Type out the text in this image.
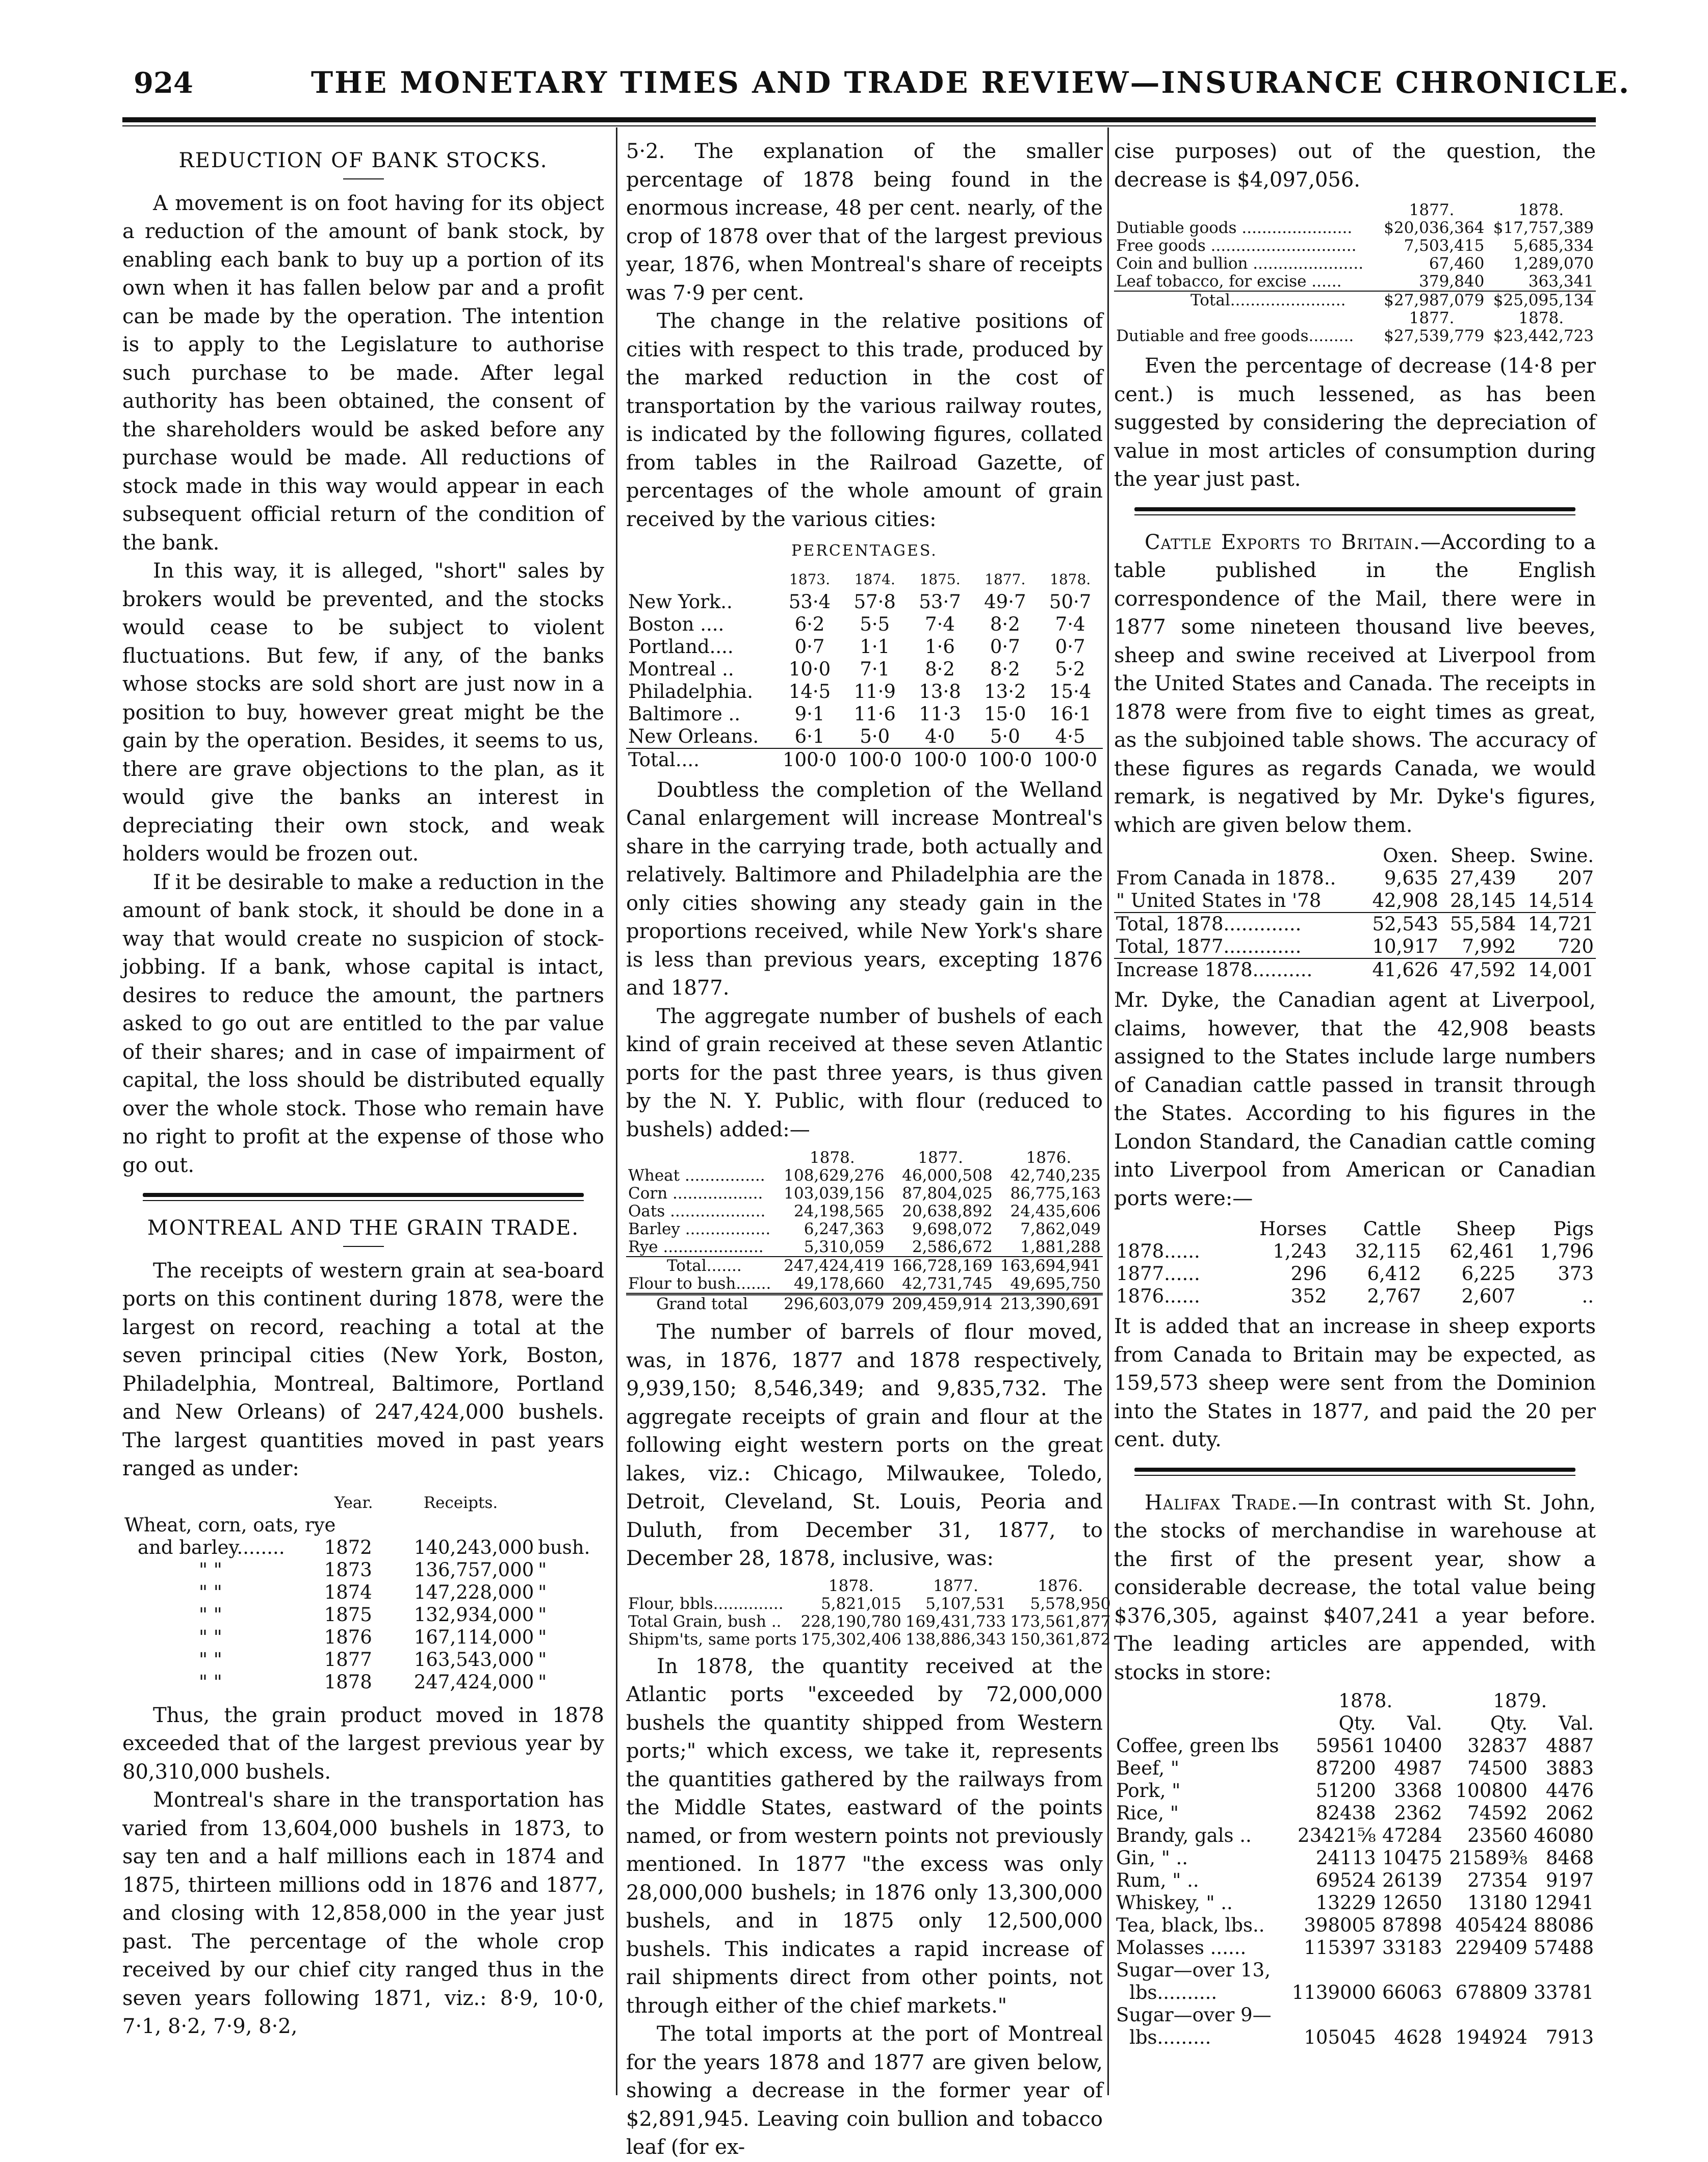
924	THE MONETARY TIMES AND TRADE REVIEW—INSURANCE CHRONICLE.
REDUCTION OF BANK STOCKS.

A movement is on foot having for its object a reduction of the amount of bank stock, by enabling each bank to buy up a portion of its own when it has fallen below par and a profit can be made by the operation. The intention is to apply to the Legislature to authorise such purchase to be made. After legal authority has been obtained, the consent of the shareholders would be asked before any purchase would be made. All reductions of stock made in this way would appear in each subsequent official return of the condition of the bank.

In this way, it is alleged, "short" sales by brokers would be prevented, and the stocks would cease to be subject to violent fluctuations. But few, if any, of the banks whose stocks are sold short are just now in a position to buy, however great might be the gain by the operation. Besides, it seems to us, there are grave objections to the plan, as it would give the banks an interest in depreciating their own stock, and weak holders would be frozen out.

If it be desirable to make a reduction in the amount of bank stock, it should be done in a way that would create no suspicion of stock-jobbing. If a bank, whose capital is intact, desires to reduce the amount, the partners asked to go out are entitled to the par value of their shares; and in case of impairment of capital, the loss should be distributed equally over the whole stock. Those who remain have no right to profit at the expense of those who go out.

MONTREAL AND THE GRAIN TRADE.

The receipts of western grain at sea-board ports on this continent during 1878, were the largest on record, reaching a total at the seven principal cities (New York, Boston, Philadelphia, Montreal, Baltimore, Portland and New Orleans) of 247,424,000 bushels. The largest quantities moved in past years ranged as under:

	Year.	Receipts.	
Wheat, corn, oats, rye			
and barley........	1872	140,243,000	bush.
" "	1873	136,757,000	"
" "	1874	147,228,000	"
" "	1875	132,934,000	"
" "	1876	167,114,000	"
" "	1877	163,543,000	"
" "	1878	247,424,000	"

Thus, the grain product moved in 1878 exceeded that of the largest previous year by 80,310,000 bushels.

Montreal's share in the transportation has varied from 13,604,000 bushels in 1873, to say ten and a half millions each in 1874 and 1875, thirteen millions odd in 1876 and 1877, and closing with 12,858,000 in the year just past. The percentage of the whole crop received by our chief city ranged thus in the seven years following 1871, viz.: 8·9, 10·0, 7·1, 8·2, 7·9, 8·2,

5·2. The explanation of the smaller percentage of 1878 being found in the enormous increase, 48 per cent. nearly, of the crop of 1878 over that of the largest previous year, 1876, when Montreal's share of receipts was 7·9 per cent.

The change in the relative positions of cities with respect to this trade, produced by the marked reduction in the cost of transportation by the various railway routes, is indicated by the following figures, collated from tables in the Railroad Gazette, of percentages of the whole amount of grain received by the various cities:

PERCENTAGES.
	1873.	1874.	1875.	1877.	1878.
New York..	53·4	57·8	53·7	49·7	50·7
Boston ....	6·2	5·5	7·4	8·2	7·4
Portland....	0·7	1·1	1·6	0·7	0·7
Montreal ..	10·0	7·1	8·2	8·2	5·2
Philadelphia.	14·5	11·9	13·8	13·2	15·4
Baltimore ..	9·1	11·6	11·3	15·0	16·1
New Orleans.	6·1	5·0	4·0	5·0	4·5
Total....	100·0	100·0	100·0	100·0	100·0

Doubtless the completion of the Welland Canal enlargement will increase Montreal's share in the carrying trade, both actually and relatively. Baltimore and Philadelphia are the only cities showing any steady gain in the proportions received, while New York's share is less than previous years, excepting 1876 and 1877.

The aggregate number of bushels of each kind of grain received at these seven Atlantic ports for the past three years, is thus given by the N. Y. Public, with flour (reduced to bushels) added:—

	1878.	1877.	1876.
Wheat ................	108,629,276	46,000,508	42,740,235
Corn ..................	103,039,156	87,804,025	86,775,163
Oats ...................	24,198,565	20,638,892	24,435,606
Barley .................	6,247,363	9,698,072	7,862,049
Rye ....................	5,310,059	2,586,672	1,881,288
Total.......	247,424,419	166,728,169	163,694,941
Flour to bush.......	49,178,660	42,731,745	49,695,750
Grand total	296,603,079	209,459,914	213,390,691

The number of barrels of flour moved, was, in 1876, 1877 and 1878 respectively, 9,939,150; 8,546,349; and 9,835,732. The aggregate receipts of grain and flour at the following eight western ports on the great lakes, viz.: Chicago, Milwaukee, Toledo, Detroit, Cleveland, St. Louis, Peoria and Duluth, from December 31, 1877, to December 28, 1878, inclusive, was:

	1878.	1877.	1876.
Flour, bbls..............	5,821,015	5,107,531	5,578,950
Total Grain, bush ..	228,190,780	169,431,733	173,561,877
Shipm'ts, same ports	175,302,406	138,886,343	150,361,872

In 1878, the quantity received at the Atlantic ports "exceeded by 72,000,000 bushels the quantity shipped from Western ports;" which excess, we take it, represents the quantities gathered by the railways from the Middle States, eastward of the points named, or from western points not previously mentioned. In 1877 "the excess was only 28,000,000 bushels; in 1876 only 13,300,000 bushels, and in 1875 only 12,500,000 bushels. This indicates a rapid increase of rail shipments direct from other points, not through either of the chief markets."

The total imports at the port of Montreal for the years 1878 and 1877 are given below, showing a decrease in the former year of $2,891,945. Leaving coin bullion and tobacco leaf (for ex-

cise purposes) out of the question, the decrease is $4,097,056.

	1877.	1878.
Dutiable goods ......................	$20,036,364	$17,757,389
Free goods .............................	7,503,415	5,685,334
Coin and bullion ......................	67,460	1,289,070
Leaf tobacco, for excise ......	379,840	363,341
Total.......................	$27,987,079	$25,095,134
	1877.	1878.
Dutiable and free goods.........	$27,539,779	$23,442,723

Even the percentage of decrease (14·8 per cent.) is much lessened, as has been suggested by considering the depreciation of value in most articles of consumption during the year just past.

Cattle Exports to Britain.—According to a table published in the English correspondence of the Mail, there were in 1877 some nineteen thousand live beeves, sheep and swine received at Liverpool from the United States and Canada. The receipts in 1878 were from five to eight times as great, as the subjoined table shows. The accuracy of these figures as regards Canada, we would remark, is negatived by Mr. Dyke's figures, which are given below them.

	Oxen.	Sheep.	Swine.
From Canada in 1878..	9,635	27,439	207
" United States in '78	42,908	28,145	14,514
Total, 1878.............	52,543	55,584	14,721
Total, 1877.............	10,917	7,992	720
Increase 1878..........	41,626	47,592	14,001

Mr. Dyke, the Canadian agent at Liverpool, claims, however, that the 42,908 beasts assigned to the States include large numbers of Canadian cattle passed in transit through the States. According to his figures in the London Standard, the Canadian cattle coming into Liverpool from American or Canadian ports were:—

	Horses	Cattle	Sheep	Pigs
1878......	1,243	32,115	62,461	1,796
1877......	296	6,412	6,225	373
1876......	352	2,767	2,607	..

It is added that an increase in sheep exports from Canada to Britain may be expected, as 159,573 sheep were sent from the Dominion into the States in 1877, and paid the 20 per cent. duty.

Halifax Trade.—In contrast with St. John, the stocks of merchandise in warehouse at the first of the present year, show a considerable decrease, the total value being $376,305, against $407,241 a year before. The leading articles are appended, with stocks in store:

	1878.		1879.	
	Qty.	Val.	Qty.	Val.
Coffee, green lbs	59561	10400	32837	4887
Beef, "	87200	4987	74500	3883
Pork, "	51200	3368	100800	4476
Rice, "	82438	2362	74592	2062
Brandy, gals ..	23421⅝	47284	23560	46080
Gin, " ..	24113	10475	21589⅜	8468
Rum, " ..	69524	26139	27354	9197
Whiskey, " ..	13229	12650	13180	12941
Tea, black, lbs..	398005	87898	405424	88086
Molasses ......	115397	33183	229409	57488
Sugar—over 13,				
lbs..........	1139000	66063	678809	33781
Sugar—over 9—				
lbs.........	105045	4628	194924	7913
